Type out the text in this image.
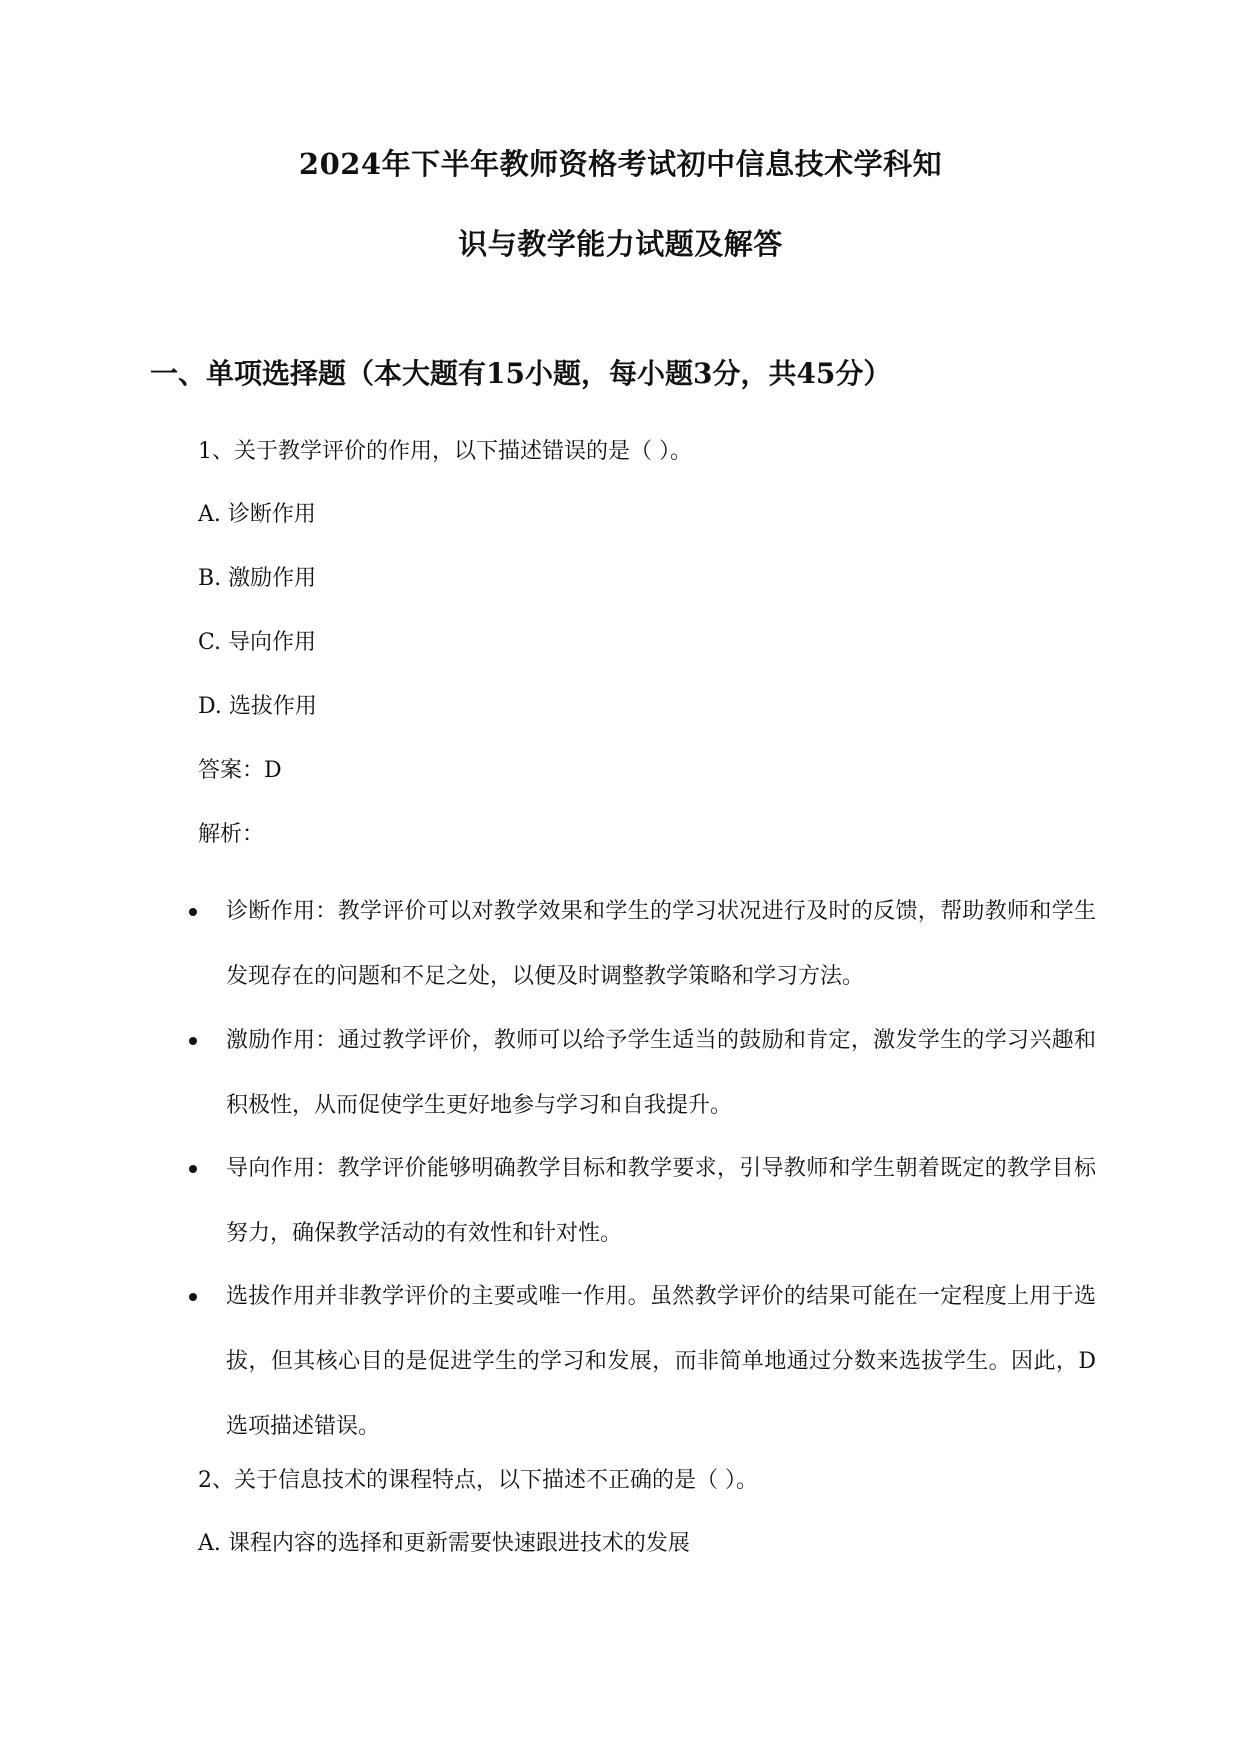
2024年下半年教师资格考试初中信息技术学科知
识与教学能力试题及解答
一、单项选择题（本大题有15小题，每小题3分，共45分）
1、关于教学评价的作用，以下描述错误的是（ ）。
A. 诊断作用
B. 激励作用
C. 导向作用
D. 选拔作用
答案：D
解析：
诊断作用：教学评价可以对教学效果和学生的学习状况进行及时的反馈，帮助教师和学生发现存在的问题和不足之处，以便及时调整教学策略和学习方法。
激励作用：通过教学评价，教师可以给予学生适当的鼓励和肯定，激发学生的学习兴趣和积极性，从而促使学生更好地参与学习和自我提升。
导向作用：教学评价能够明确教学目标和教学要求，引导教师和学生朝着既定的教学目标努力，确保教学活动的有效性和针对性。
选拔作用并非教学评价的主要或唯一作用。虽然教学评价的结果可能在一定程度上用于选拔，但其核心目的是促进学生的学习和发展，而非简单地通过分数来选拔学生。因此，D选项描述错误。
2、关于信息技术的课程特点，以下描述不正确的是（ ）。
A. 课程内容的选择和更新需要快速跟进技术的发展
